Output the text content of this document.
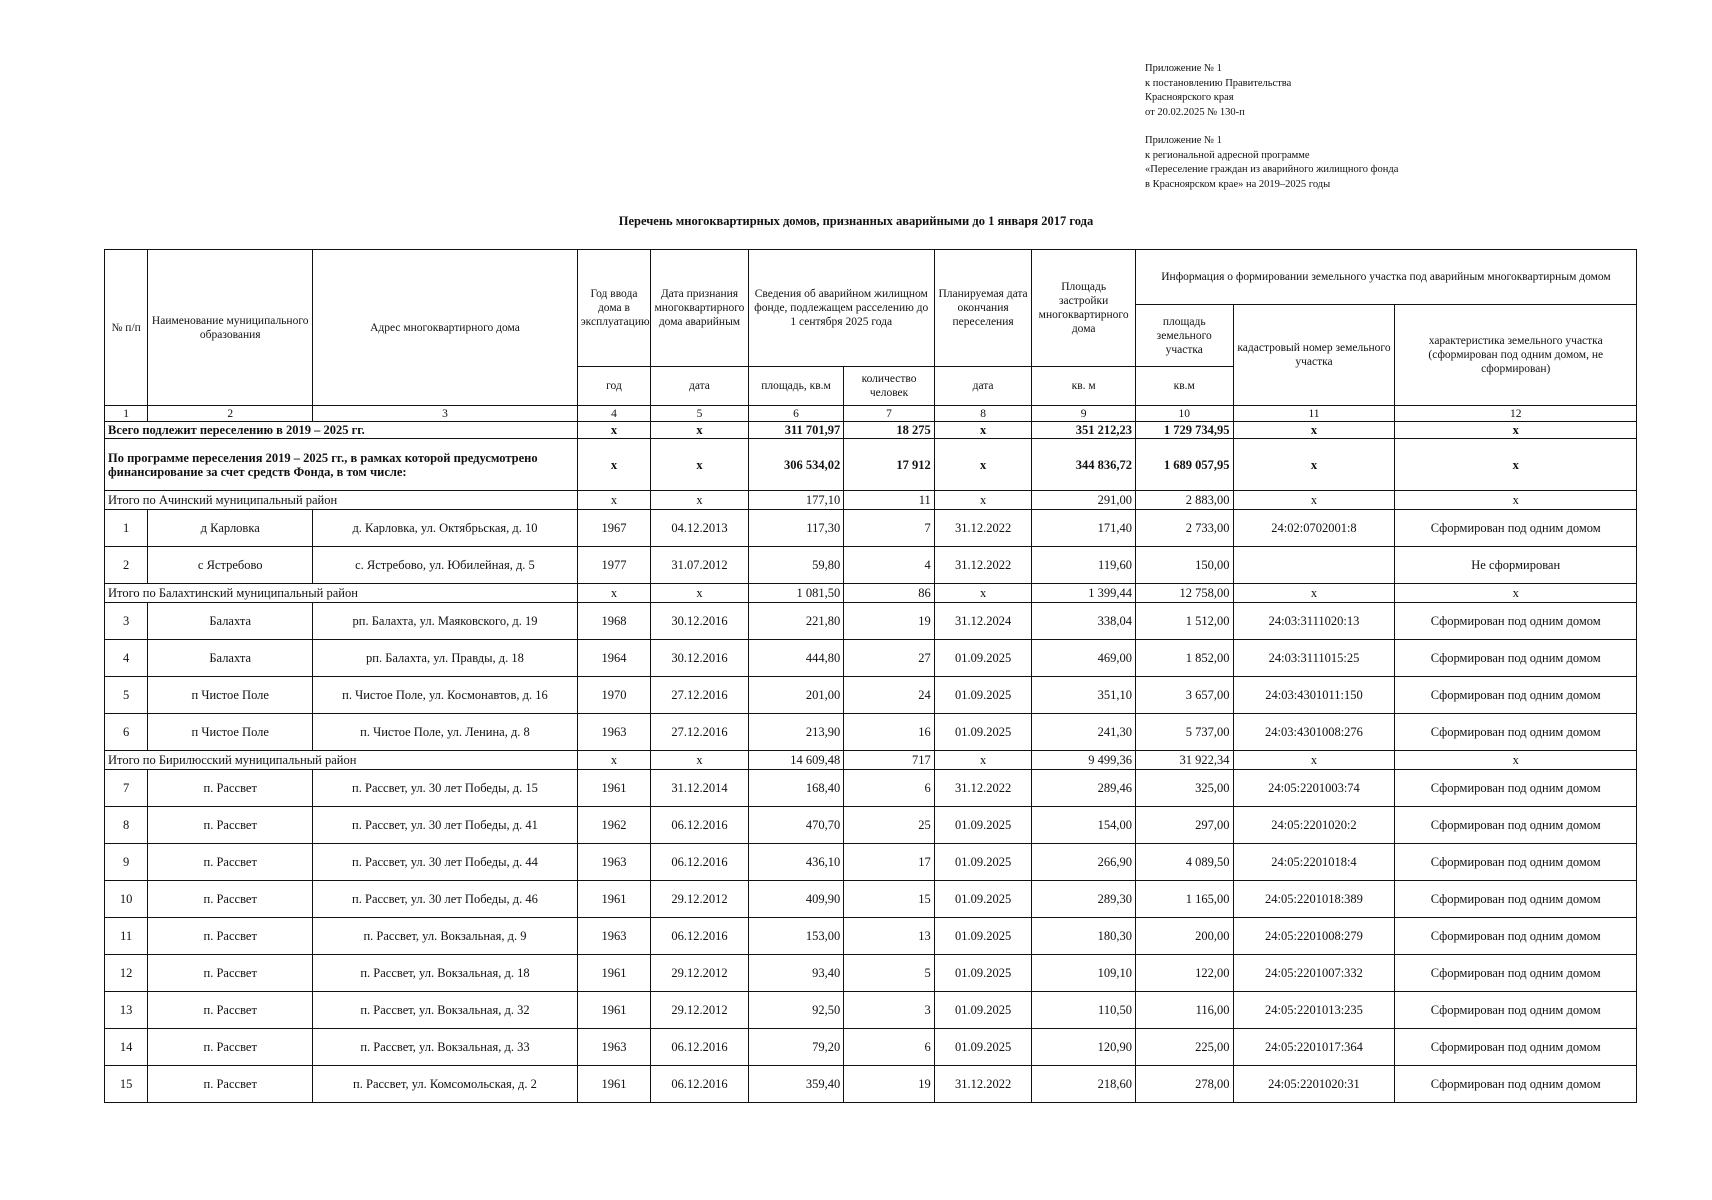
Приложение № 1
к постановлению Правительства
Красноярского края
от 20.02.2025 № 130-п
Приложение № 1
к региональной адресной программе
«Переселение граждан из аварийного жилищного фонда
в Красноярском крае» на 2019–2025 годы
Перечень многоквартирных домов, признанных аварийными до 1 января 2017 года
№ п/п	Наименование муниципального образования	Адрес многоквартирного дома	Год ввода дома в эксплуатацию	Дата признания многоквартирного дома аварийным	Сведения об аварийном жилищном фонде, подлежащем расселению до 1 сентября 2025 года		Планируемая дата окончания переселения	Площадь застройки многоквартирного дома	Информация о формировании земельного участка под аварийным многоквартирным домом		
									площадь земельного участка	кадастровый номер земельного участка	характеристика земельного участка (сформирован под одним домом, не сформирован)
			год	дата	площадь, кв.м	количество человек	дата	кв. м	кв.м		
1	2	3	4	5	6	7	8	9	10	11	12
Всего подлежит переселению в 2019 – 2025 гг.			x	x	311 701,97	18 275	x	351 212,23	1 729 734,95	x	x
По программе переселения 2019 – 2025 гг., в рамках которой предусмотрено финансирование за счет средств Фонда, в том числе:			x	x	306 534,02	17 912	x	344 836,72	1 689 057,95	x	x
Итого по Ачинский муниципальный район			x	x	177,10	11	x	291,00	2 883,00	x	x
1	д Карловка	д. Карловка, ул. Октябрьская, д. 10	1967	04.12.2013	117,30	7	31.12.2022	171,40	2 733,00	24:02:0702001:8	Сформирован под одним домом
2	с Ястребово	с. Ястребово, ул. Юбилейная, д. 5	1977	31.07.2012	59,80	4	31.12.2022	119,60	150,00		Не сформирован
Итого по Балахтинский муниципальный район			x	x	1 081,50	86	x	1 399,44	12 758,00	x	x
3	Балахта	рп. Балахта, ул. Маяковского, д. 19	1968	30.12.2016	221,80	19	31.12.2024	338,04	1 512,00	24:03:3111020:13	Сформирован под одним домом
4	Балахта	рп. Балахта, ул. Правды, д. 18	1964	30.12.2016	444,80	27	01.09.2025	469,00	1 852,00	24:03:3111015:25	Сформирован под одним домом
5	п Чистое Поле	п. Чистое Поле, ул. Космонавтов, д. 16	1970	27.12.2016	201,00	24	01.09.2025	351,10	3 657,00	24:03:4301011:150	Сформирован под одним домом
6	п Чистое Поле	п. Чистое Поле, ул. Ленина, д. 8	1963	27.12.2016	213,90	16	01.09.2025	241,30	5 737,00	24:03:4301008:276	Сформирован под одним домом
Итого по Бирилюсский муниципальный район			x	x	14 609,48	717	x	9 499,36	31 922,34	x	x
7	п. Рассвет	п. Рассвет, ул. 30 лет Победы, д. 15	1961	31.12.2014	168,40	6	31.12.2022	289,46	325,00	24:05:2201003:74	Сформирован под одним домом
8	п. Рассвет	п. Рассвет, ул. 30 лет Победы, д. 41	1962	06.12.2016	470,70	25	01.09.2025	154,00	297,00	24:05:2201020:2	Сформирован под одним домом
9	п. Рассвет	п. Рассвет, ул. 30 лет Победы, д. 44	1963	06.12.2016	436,10	17	01.09.2025	266,90	4 089,50	24:05:2201018:4	Сформирован под одним домом
10	п. Рассвет	п. Рассвет, ул. 30 лет Победы, д. 46	1961	29.12.2012	409,90	15	01.09.2025	289,30	1 165,00	24:05:2201018:389	Сформирован под одним домом
11	п. Рассвет	п. Рассвет, ул. Вокзальная, д. 9	1963	06.12.2016	153,00	13	01.09.2025	180,30	200,00	24:05:2201008:279	Сформирован под одним домом
12	п. Рассвет	п. Рассвет, ул. Вокзальная, д. 18	1961	29.12.2012	93,40	5	01.09.2025	109,10	122,00	24:05:2201007:332	Сформирован под одним домом
13	п. Рассвет	п. Рассвет, ул. Вокзальная, д. 32	1961	29.12.2012	92,50	3	01.09.2025	110,50	116,00	24:05:2201013:235	Сформирован под одним домом
14	п. Рассвет	п. Рассвет, ул. Вокзальная, д. 33	1963	06.12.2016	79,20	6	01.09.2025	120,90	225,00	24:05:2201017:364	Сформирован под одним домом
15	п. Рассвет	п. Рассвет, ул. Комсомольская, д. 2	1961	06.12.2016	359,40	19	31.12.2022	218,60	278,00	24:05:2201020:31	Сформирован под одним домом
